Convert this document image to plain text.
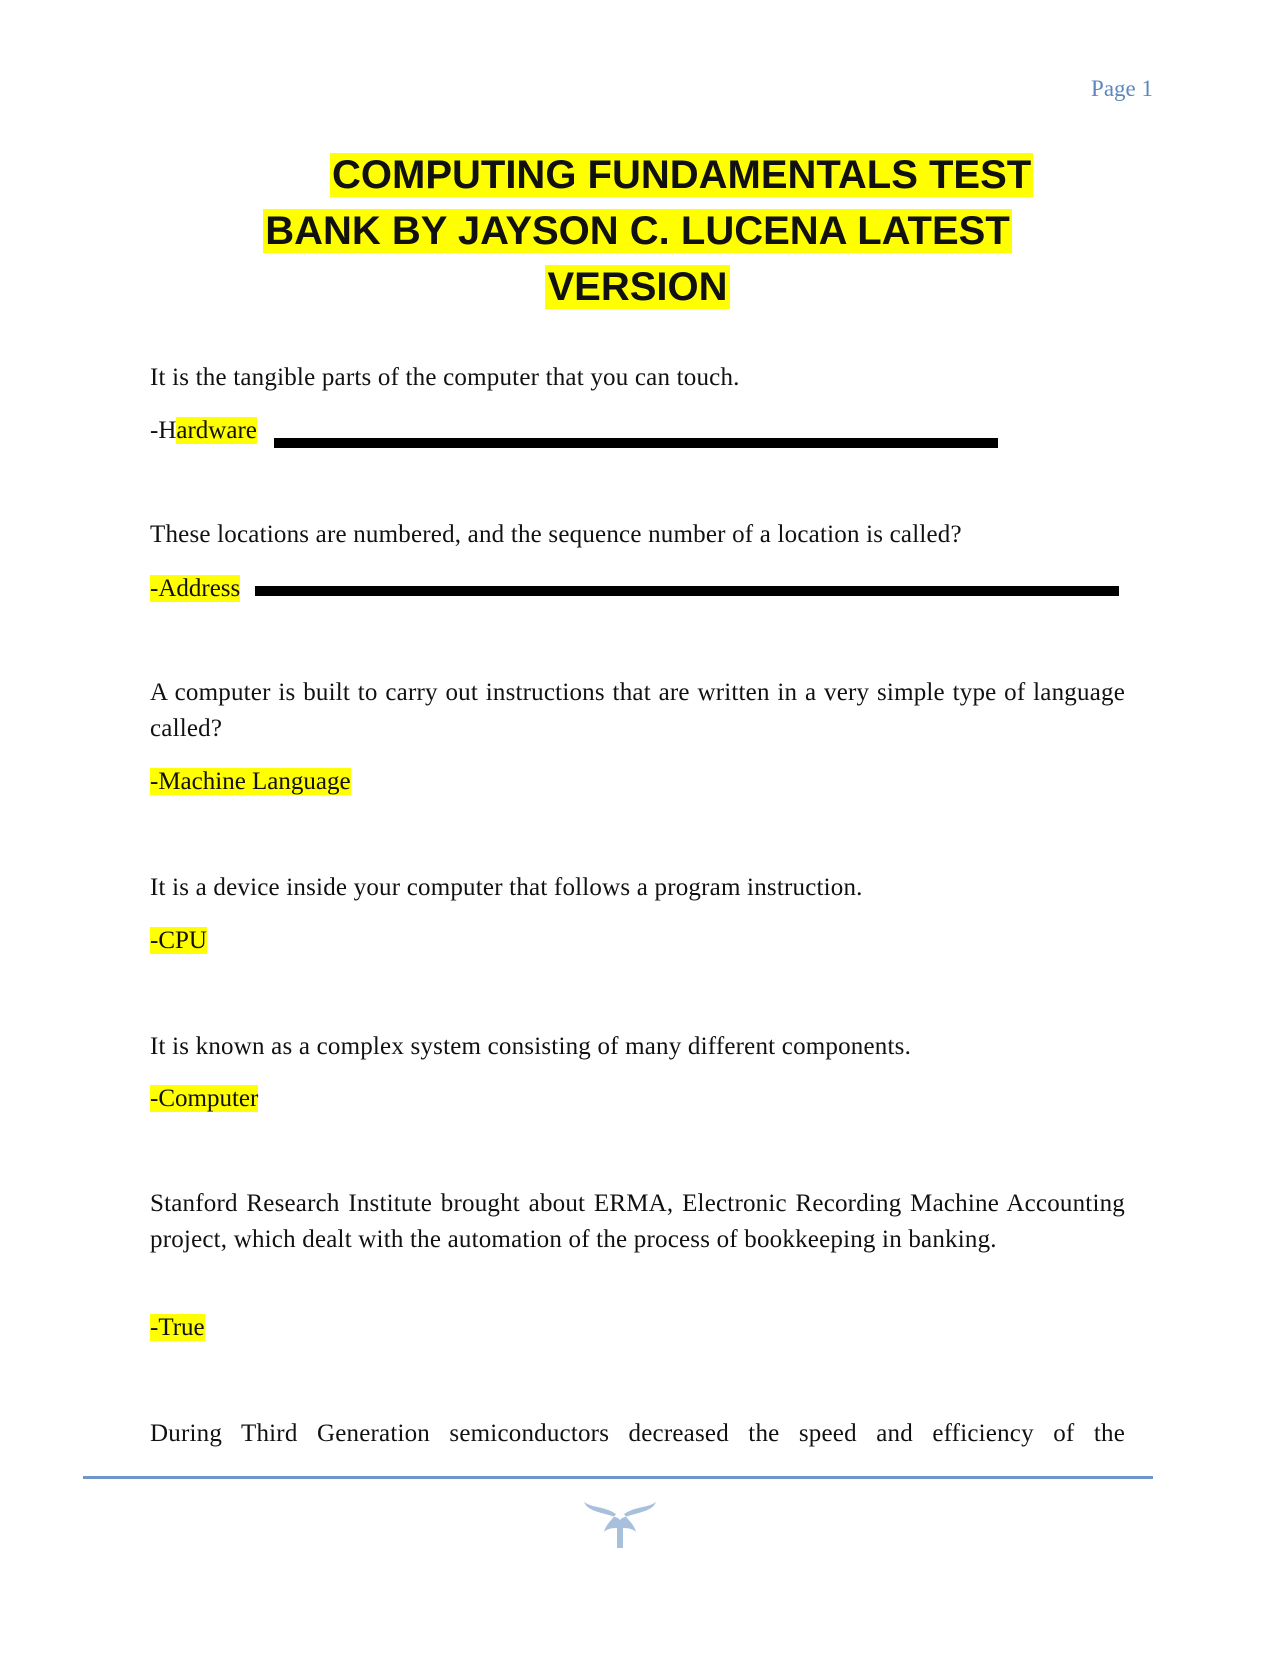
Page 1
COMPUTING FUNDAMENTALS TEST
BANK BY JAYSON C. LUCENA LATEST
VERSION
It is the tangible parts of the computer that you can touch.
-Hardware
These locations are numbered, and the sequence number of a location is called?
-Address
A computer is built to carry out instructions that are written in a very simple type of language called?
-Machine Language
It is a device inside your computer that follows a program instruction.
-CPU
It is known as a complex system consisting of many different components.
-Computer
Stanford Research Institute brought about ERMA, Electronic Recording Machine Accounting project, which dealt with the automation of the process of bookkeeping in banking.
-True
During Third Generation semiconductors decreased the speed and efficiency of the
